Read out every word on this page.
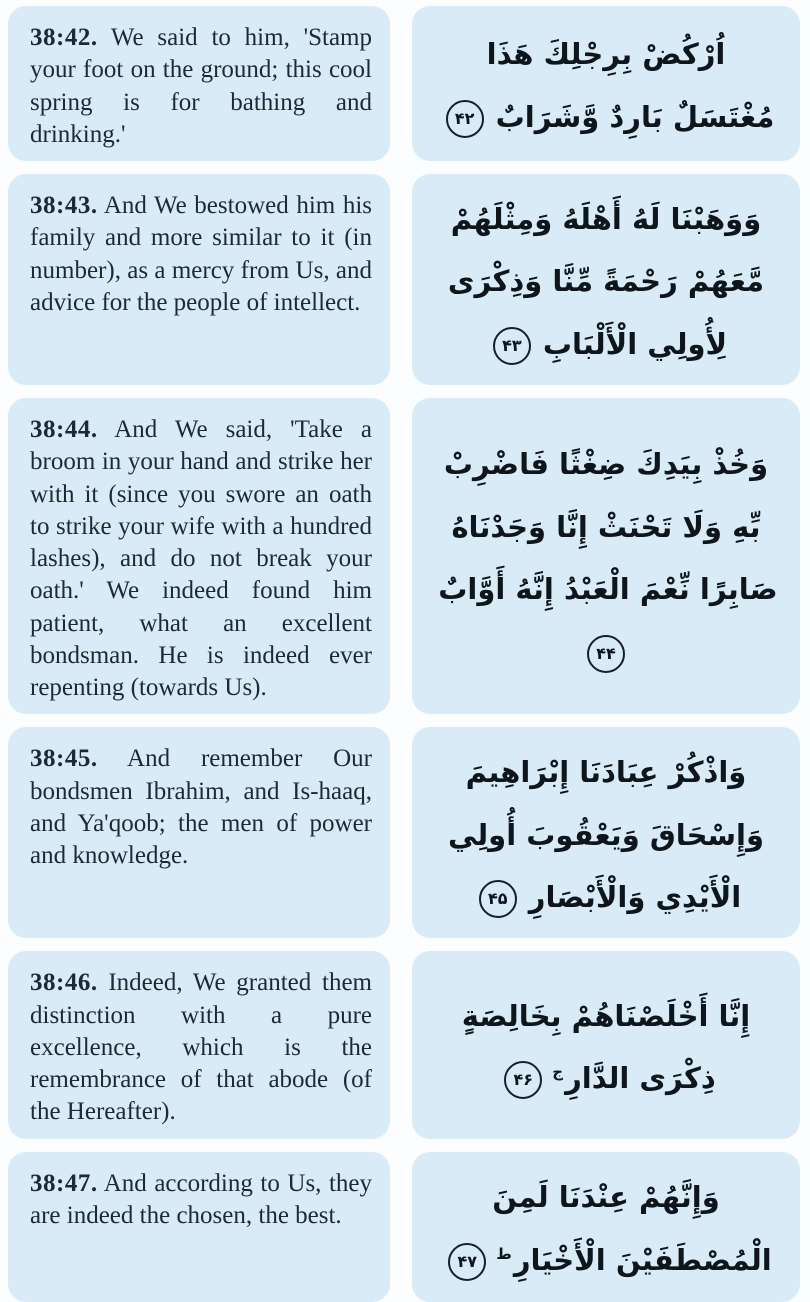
38:42. We said to him, 'Stamp your foot on the ground; this cool spring is for bathing and drinking.'

اُرْكُضْ بِرِجْلِكَ هَذَا مُغْتَسَلٌ بَارِدٌ وَّشَرَابٌ
۴۲

38:43. And We bestowed him his family and more similar to it (in number), as a mercy from Us, and advice for the people of intellect.

وَوَهَبْنَا لَهُ أَهْلَهُ وَمِثْلَهُمْ مَّعَهُمْ رَحْمَةً مِّنَّا وَذِكْرَى لِأُولِي الْأَلْبَابِ
۴۳

38:44. And We said, 'Take a broom in your hand and strike her with it (since you swore an oath to strike your wife with a hundred lashes), and do not break your oath.' We indeed found him patient, what an excellent bondsman. He is indeed ever repenting (towards Us).

وَخُذْ بِيَدِكَ ضِغْثًا فَاضْرِبْ بِّهِ وَلَا تَحْنَثْ إِنَّا وَجَدْنَاهُ صَابِرًا نِّعْمَ الْعَبْدُ إِنَّهُ أَوَّابٌ
۴۴

38:45. And remember Our bondsmen Ibrahim, and Is-haaq, and Ya'qoob; the men of power and knowledge.

وَاذْكُرْ عِبَادَنَا إِبْرَاهِيمَ وَإِسْحَاقَ وَيَعْقُوبَ أُولِي الْأَيْدِي وَالْأَبْصَارِ
۴۵

38:46. Indeed, We granted them distinction with a pure excellence, which is the remembrance of that abode (of the Hereafter).

إِنَّا أَخْلَصْنَاهُمْ بِخَالِصَةٍ ذِكْرَى الدَّارِ$^ج$
۴۶

38:47. And according to Us, they are indeed the chosen, the best.

وَإِنَّهُمْ عِنْدَنَا لَمِنَ الْمُصْطَفَيْنَ الْأَخْيَارِ$^ط$
۴۷
